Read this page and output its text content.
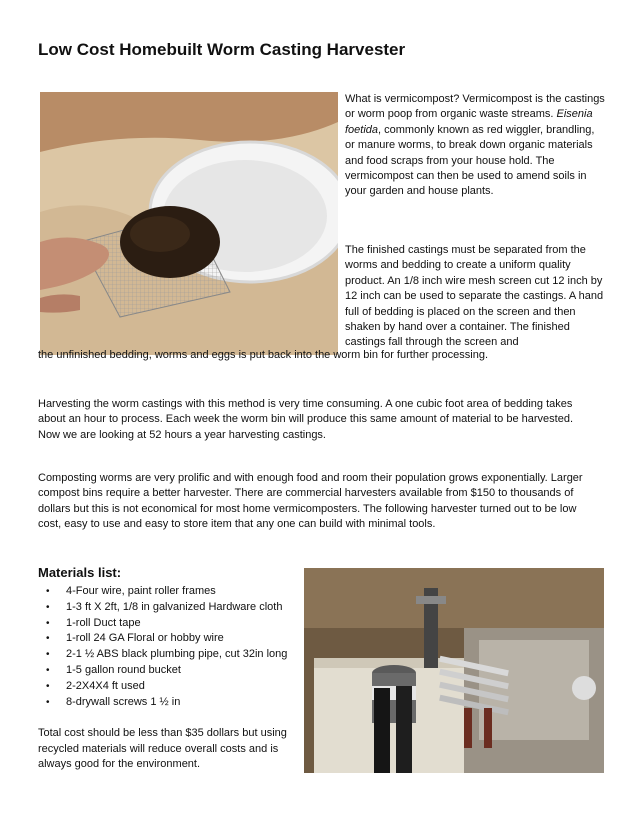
Low Cost Homebuilt Worm Casting Harvester

What is vermicompost? Vermicompost is the castings or worm poop from organic waste streams. Eisenia foetida, commonly known as red wiggler, brandling, or manure worms, to break down organic materials and food scraps from your house hold. The vermicompost can then be used to amend soils in your garden and house plants.

The finished castings must be separated from the worms and bedding to create a uniform quality product. An 1/8 inch wire mesh screen cut 12 inch by 12 inch can be used to separate the castings. A hand full of bedding is placed on the screen and then shaken by hand over a container. The finished castings fall through the screen and

the unfinished bedding, worms and eggs is put back into the worm bin for further processing.

Harvesting the worm castings with this method is very time consuming. A one cubic foot area of bedding takes about an hour to process. Each week the worm bin will produce this same amount of material to be harvested. Now we are looking at 52 hours a year harvesting castings.

Composting worms are very prolific and with enough food and room their population grows exponentially. Larger compost bins require a better harvester. There are commercial harvesters available from $150 to thousands of dollars but this is not economical for most home vermicomposters. The following harvester turned out to be low cost, easy to use and easy to store item that any one can build with minimal tools.

Materials list:
• 4-Four wire, paint roller frames
• 1-3 ft X 2ft, 1/8 in galvanized Hardware cloth
• 1-roll Duct tape
• 1-roll 24 GA Floral or hobby wire
• 2-1 ½ ABS black plumbing pipe, cut 32in long
• 1-5 gallon round bucket
• 2-2X4X4 ft used
• 8-drywall screws 1 ½ in

Total cost should be less than $35 dollars but using recycled materials will reduce overall costs and is always good for the environment.
